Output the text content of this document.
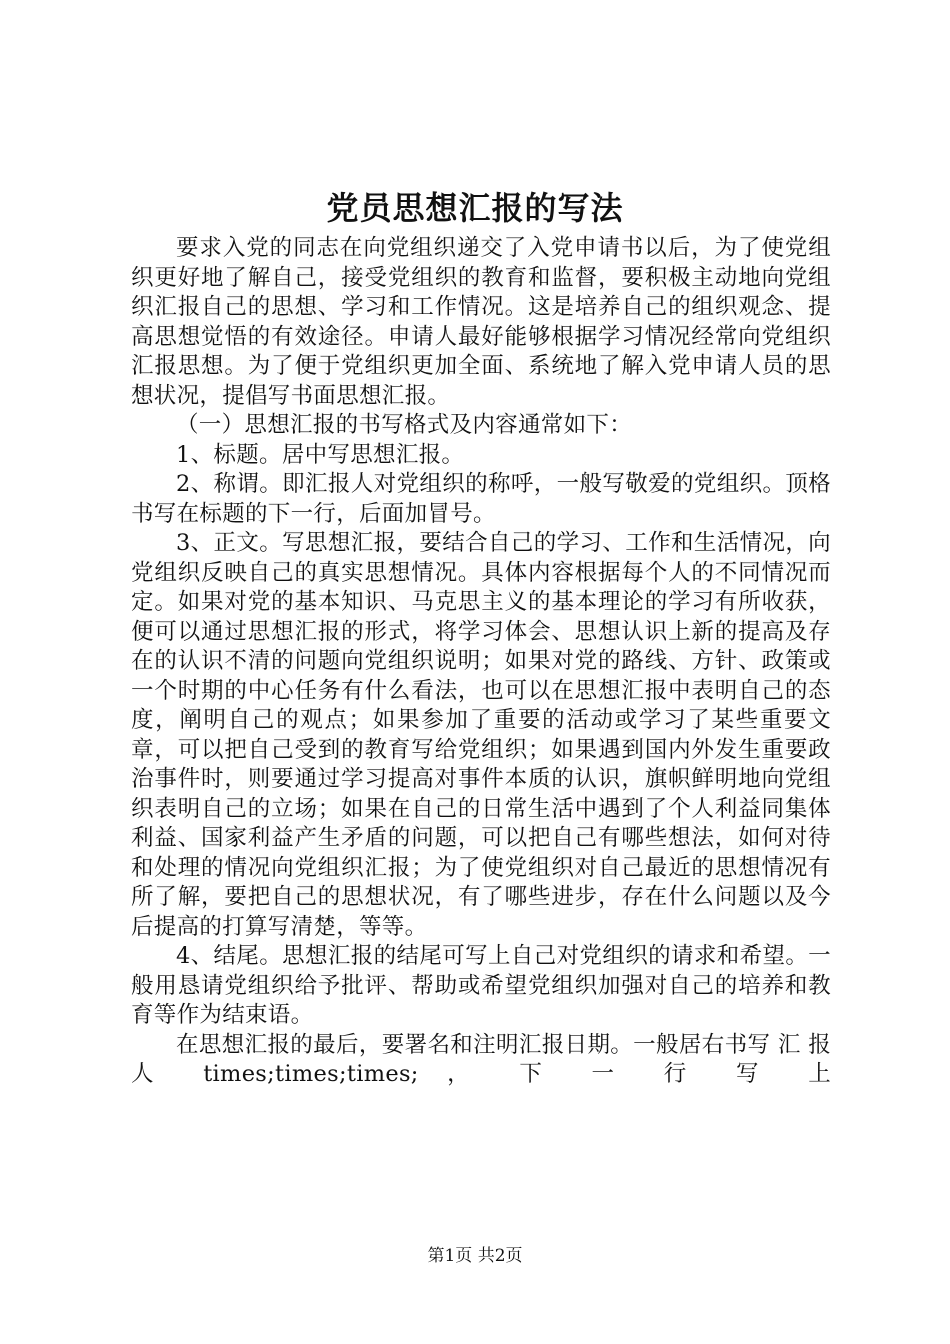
党员思想汇报的写法

要求入党的同志在向党组织递交了入党申请书以后，为了使党组织更好地了解自己，接受党组织的教育和监督，要积极主动地向党组织汇报自己的思想、学习和工作情况。这是培养自己的组织观念、提高思想觉悟的有效途径。申请人最好能够根据学习情况经常向党组织汇报思想。为了便于党组织更加全面、系统地了解入党申请人员的思想状况，提倡写书面思想汇报。

（一）思想汇报的书写格式及内容通常如下：

1、标题。居中写思想汇报。

2、称谓。即汇报人对党组织的称呼，一般写敬爱的党组织。顶格书写在标题的下一行，后面加冒号。

3、正文。写思想汇报，要结合自己的学习、工作和生活情况，向党组织反映自己的真实思想情况。具体内容根据每个人的不同情况而定。如果对党的基本知识、马克思主义的基本理论的学习有所收获，便可以通过思想汇报的形式，将学习体会、思想认识上新的提高及存在的认识不清的问题向党组织说明；如果对党的路线、方针、政策或一个时期的中心任务有什么看法，也可以在思想汇报中表明自己的态度，阐明自己的观点；如果参加了重要的活动或学习了某些重要文章，可以把自己受到的教育写给党组织；如果遇到国内外发生重要政治事件时，则要通过学习提高对事件本质的认识，旗帜鲜明地向党组织表明自己的立场；如果在自己的日常生活中遇到了个人利益同集体利益、国家利益产生矛盾的问题，可以把自己有哪些想法，如何对待和处理的情况向党组织汇报；为了使党组织对自己最近的思想情况有所了解，要把自己的思想状况，有了哪些进步，存在什么问题以及今后提高的打算写清楚，等等。

4、结尾。思想汇报的结尾可写上自己对党组织的请求和希望。一般用恳请党组织给予批评、帮助或希望党组织加强对自己的培养和教育等作为结束语。

在思想汇报的最后，要署名和注明汇报日期。一般居右书写 汇 报 人 times;times;times; ， 下 一 行 写 上

第1页 共2页
